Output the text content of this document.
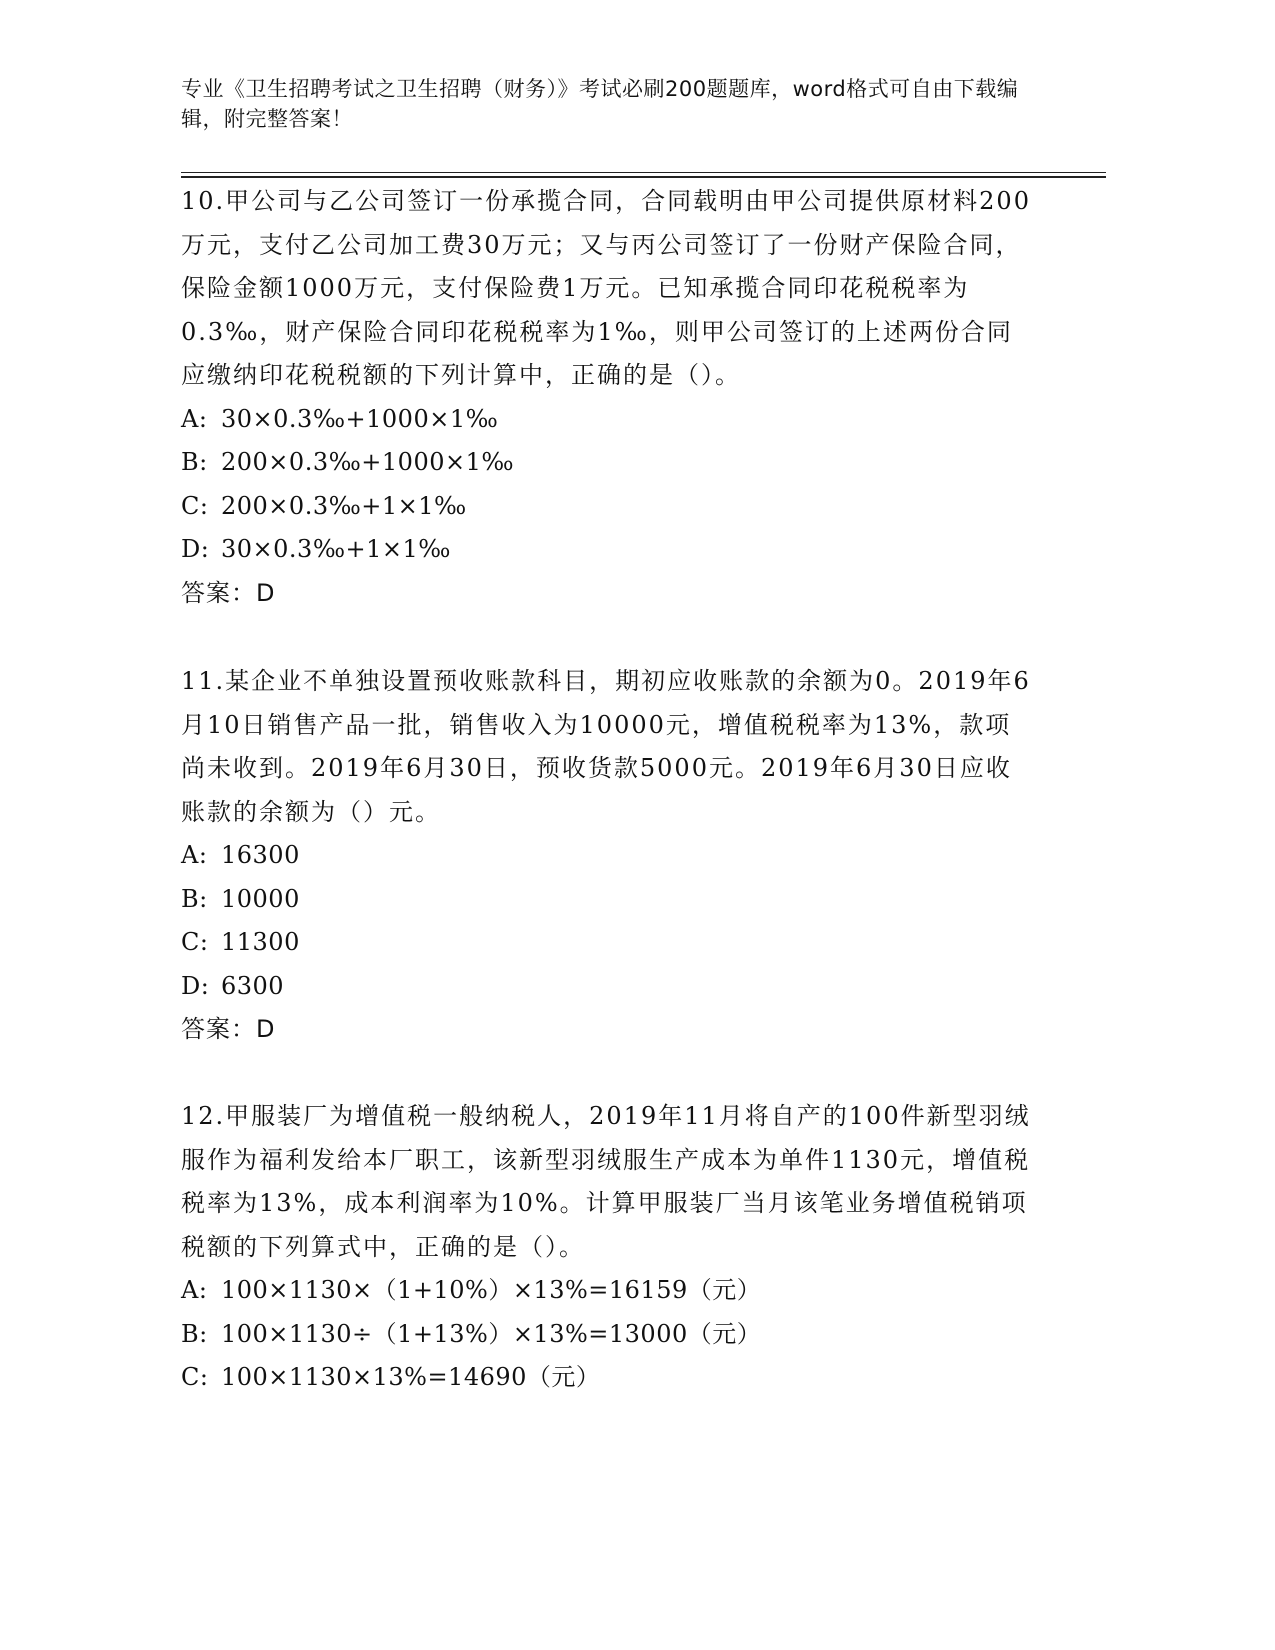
专业《卫生招聘考试之卫生招聘（财务）》考试必刷200题题库，word格式可自由下载编辑，附完整答案！

10.甲公司与乙公司签订一份承揽合同，合同载明由甲公司提供原材料200万元，支付乙公司加工费30万元；又与丙公司签订了一份财产保险合同，保险金额1000万元，支付保险费1万元。已知承揽合同印花税税率为0.3‰，财产保险合同印花税税率为1‰，则甲公司签订的上述两份合同应缴纳印花税税额的下列计算中，正确的是（）。

A: 30×0.3‰+1000×1‰
B: 200×0.3‰+1000×1‰
C: 200×0.3‰+1×1‰
D: 30×0.3‰+1×1‰
答案：D

11.某企业不单独设置预收账款科目，期初应收账款的余额为0。2019年6月10日销售产品一批，销售收入为10000元，增值税税率为13%，款项尚未收到。2019年6月30日，预收货款5000元。2019年6月30日应收账款的余额为（）元。

A: 16300
B: 10000
C: 11300
D: 6300
答案：D

12.甲服装厂为增值税一般纳税人，2019年11月将自产的100件新型羽绒服作为福利发给本厂职工，该新型羽绒服生产成本为单件1130元，增值税税率为13%，成本利润率为10%。计算甲服装厂当月该笔业务增值税销项税额的下列算式中，正确的是（）。

A: 100×1130×（1+10%）×13%=16159（元）
B: 100×1130÷（1+13%）×13%=13000（元）
C: 100×1130×13%=14690（元）
